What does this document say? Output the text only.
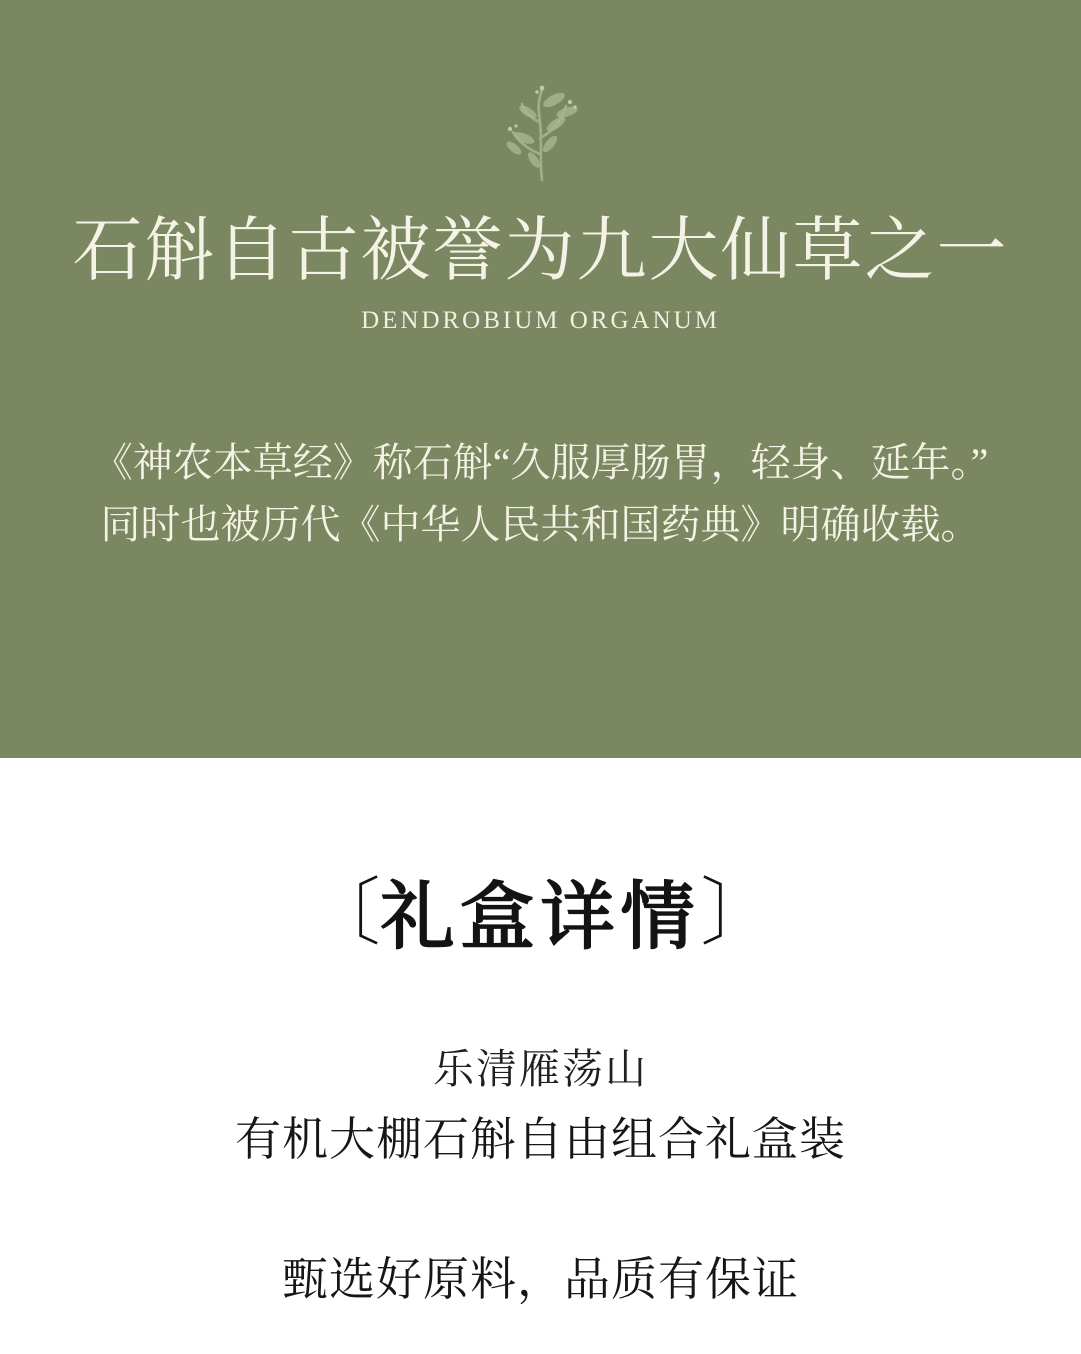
石斛自古被誉为九大仙草之一
DENDROBIUM ORGANUM
《神农本草经》称石斛“久服厚肠胃，轻身、延年。”
同时也被历代《中华人民共和国药典》明确收载。
〔礼盒详情〕
乐清雁荡山
有机大棚石斛自由组合礼盒装
甄选好原料，品质有保证
